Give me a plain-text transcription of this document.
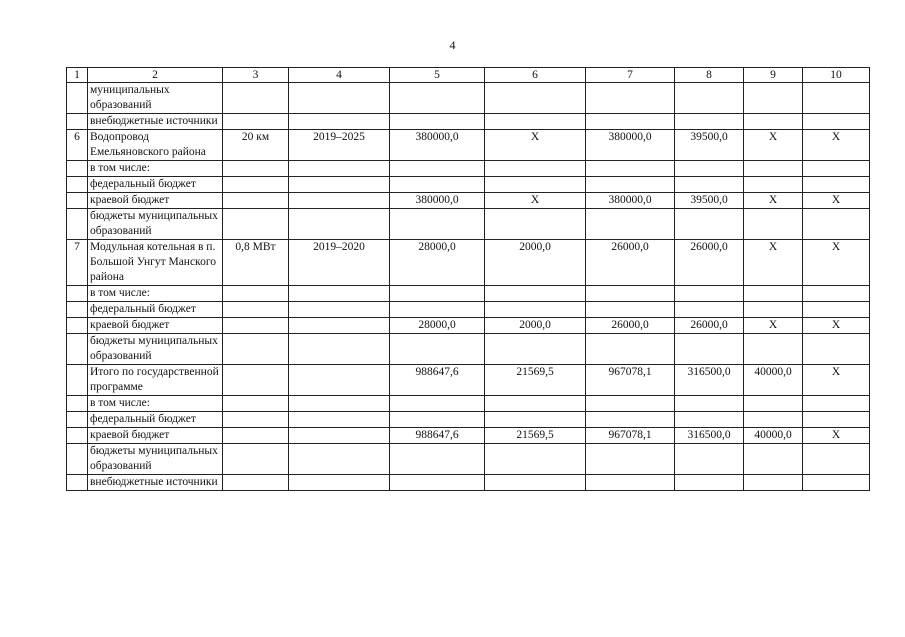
4
1	2	3	4	5	6	7	8	9	10
	муниципальных образований								
	внебюджетные источники								
6	Водопровод Емельяновского района	20 км	2019–2025	380000,0	Х	380000,0	39500,0	Х	Х
	в том числе:								
	федеральный бюджет								
	краевой бюджет			380000,0	Х	380000,0	39500,0	Х	Х
	бюджеты муниципальных образований								
7	Модульная котельная в п. Большой Унгут Манского района	0,8 МВт	2019–2020	28000,0	2000,0	26000,0	26000,0	Х	Х
	в том числе:								
	федеральный бюджет								
	краевой бюджет			28000,0	2000,0	26000,0	26000,0	Х	Х
	бюджеты муниципальных образований								
	Итого по государственной программе			988647,6	21569,5	967078,1	316500,0	40000,0	Х
	в том числе:								
	федеральный бюджет								
	краевой бюджет			988647,6	21569,5	967078,1	316500,0	40000,0	Х
	бюджеты муниципальных образований								
	внебюджетные источники								
